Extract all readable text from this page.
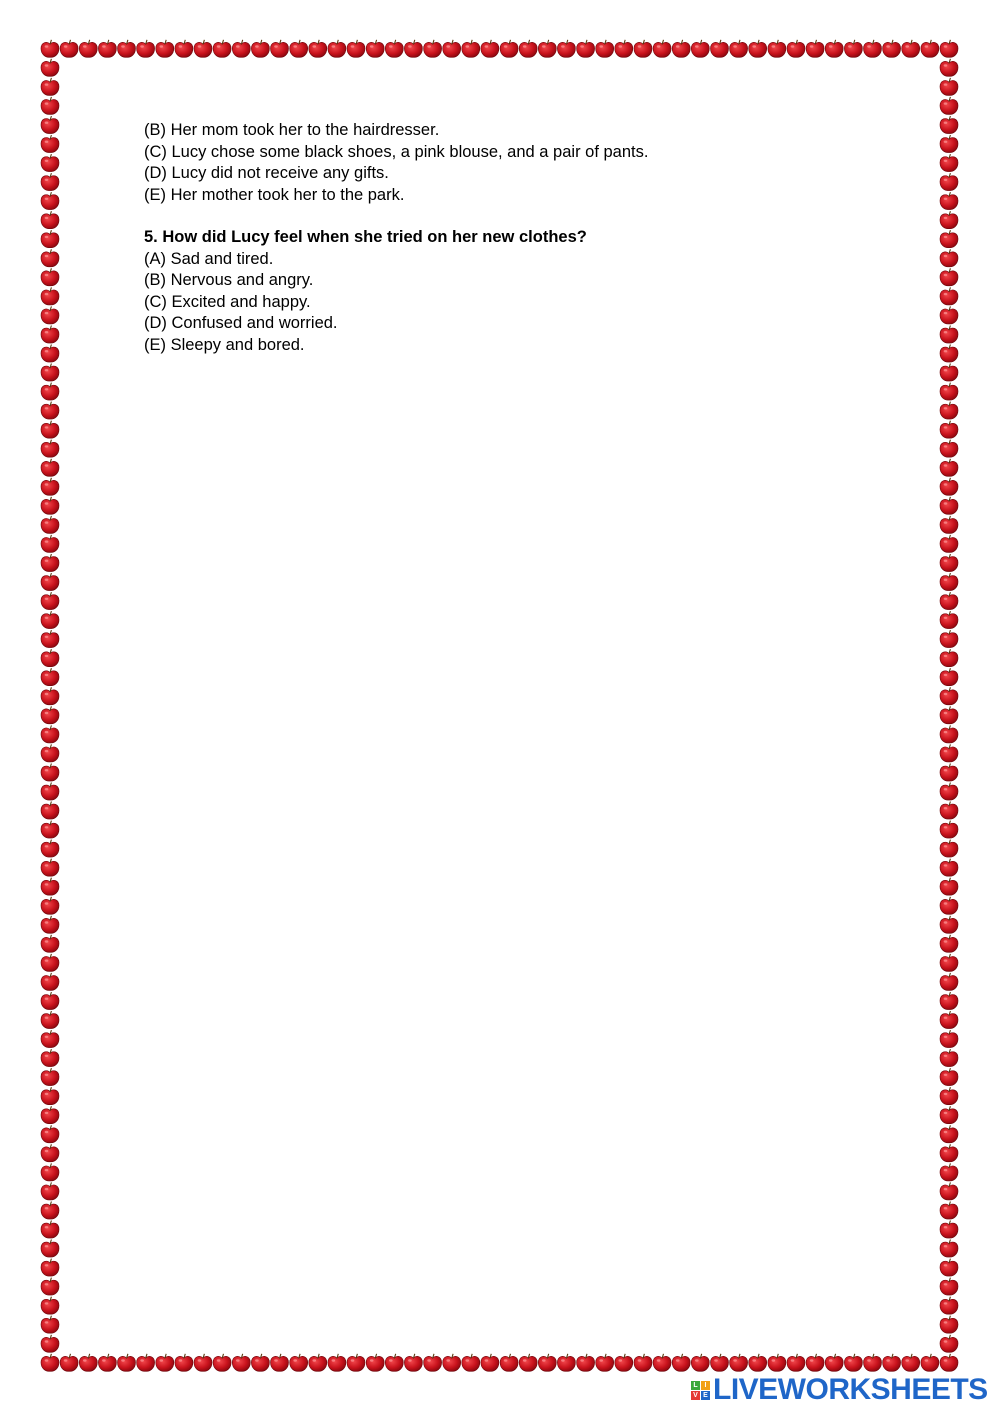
(B) Her mom took her to the hairdresser.
(C) Lucy chose some black shoes, a pink blouse, and a pair of pants.
(D) Lucy did not receive any gifts.
(E) Her mother took her to the park.
5. How did Lucy feel when she tried on her new clothes?
(A) Sad and tired.
(B) Nervous and angry.
(C) Excited and happy.
(D) Confused and worried.
(E) Sleepy and bored.
L I
V E LIVEWORKSHEETS
